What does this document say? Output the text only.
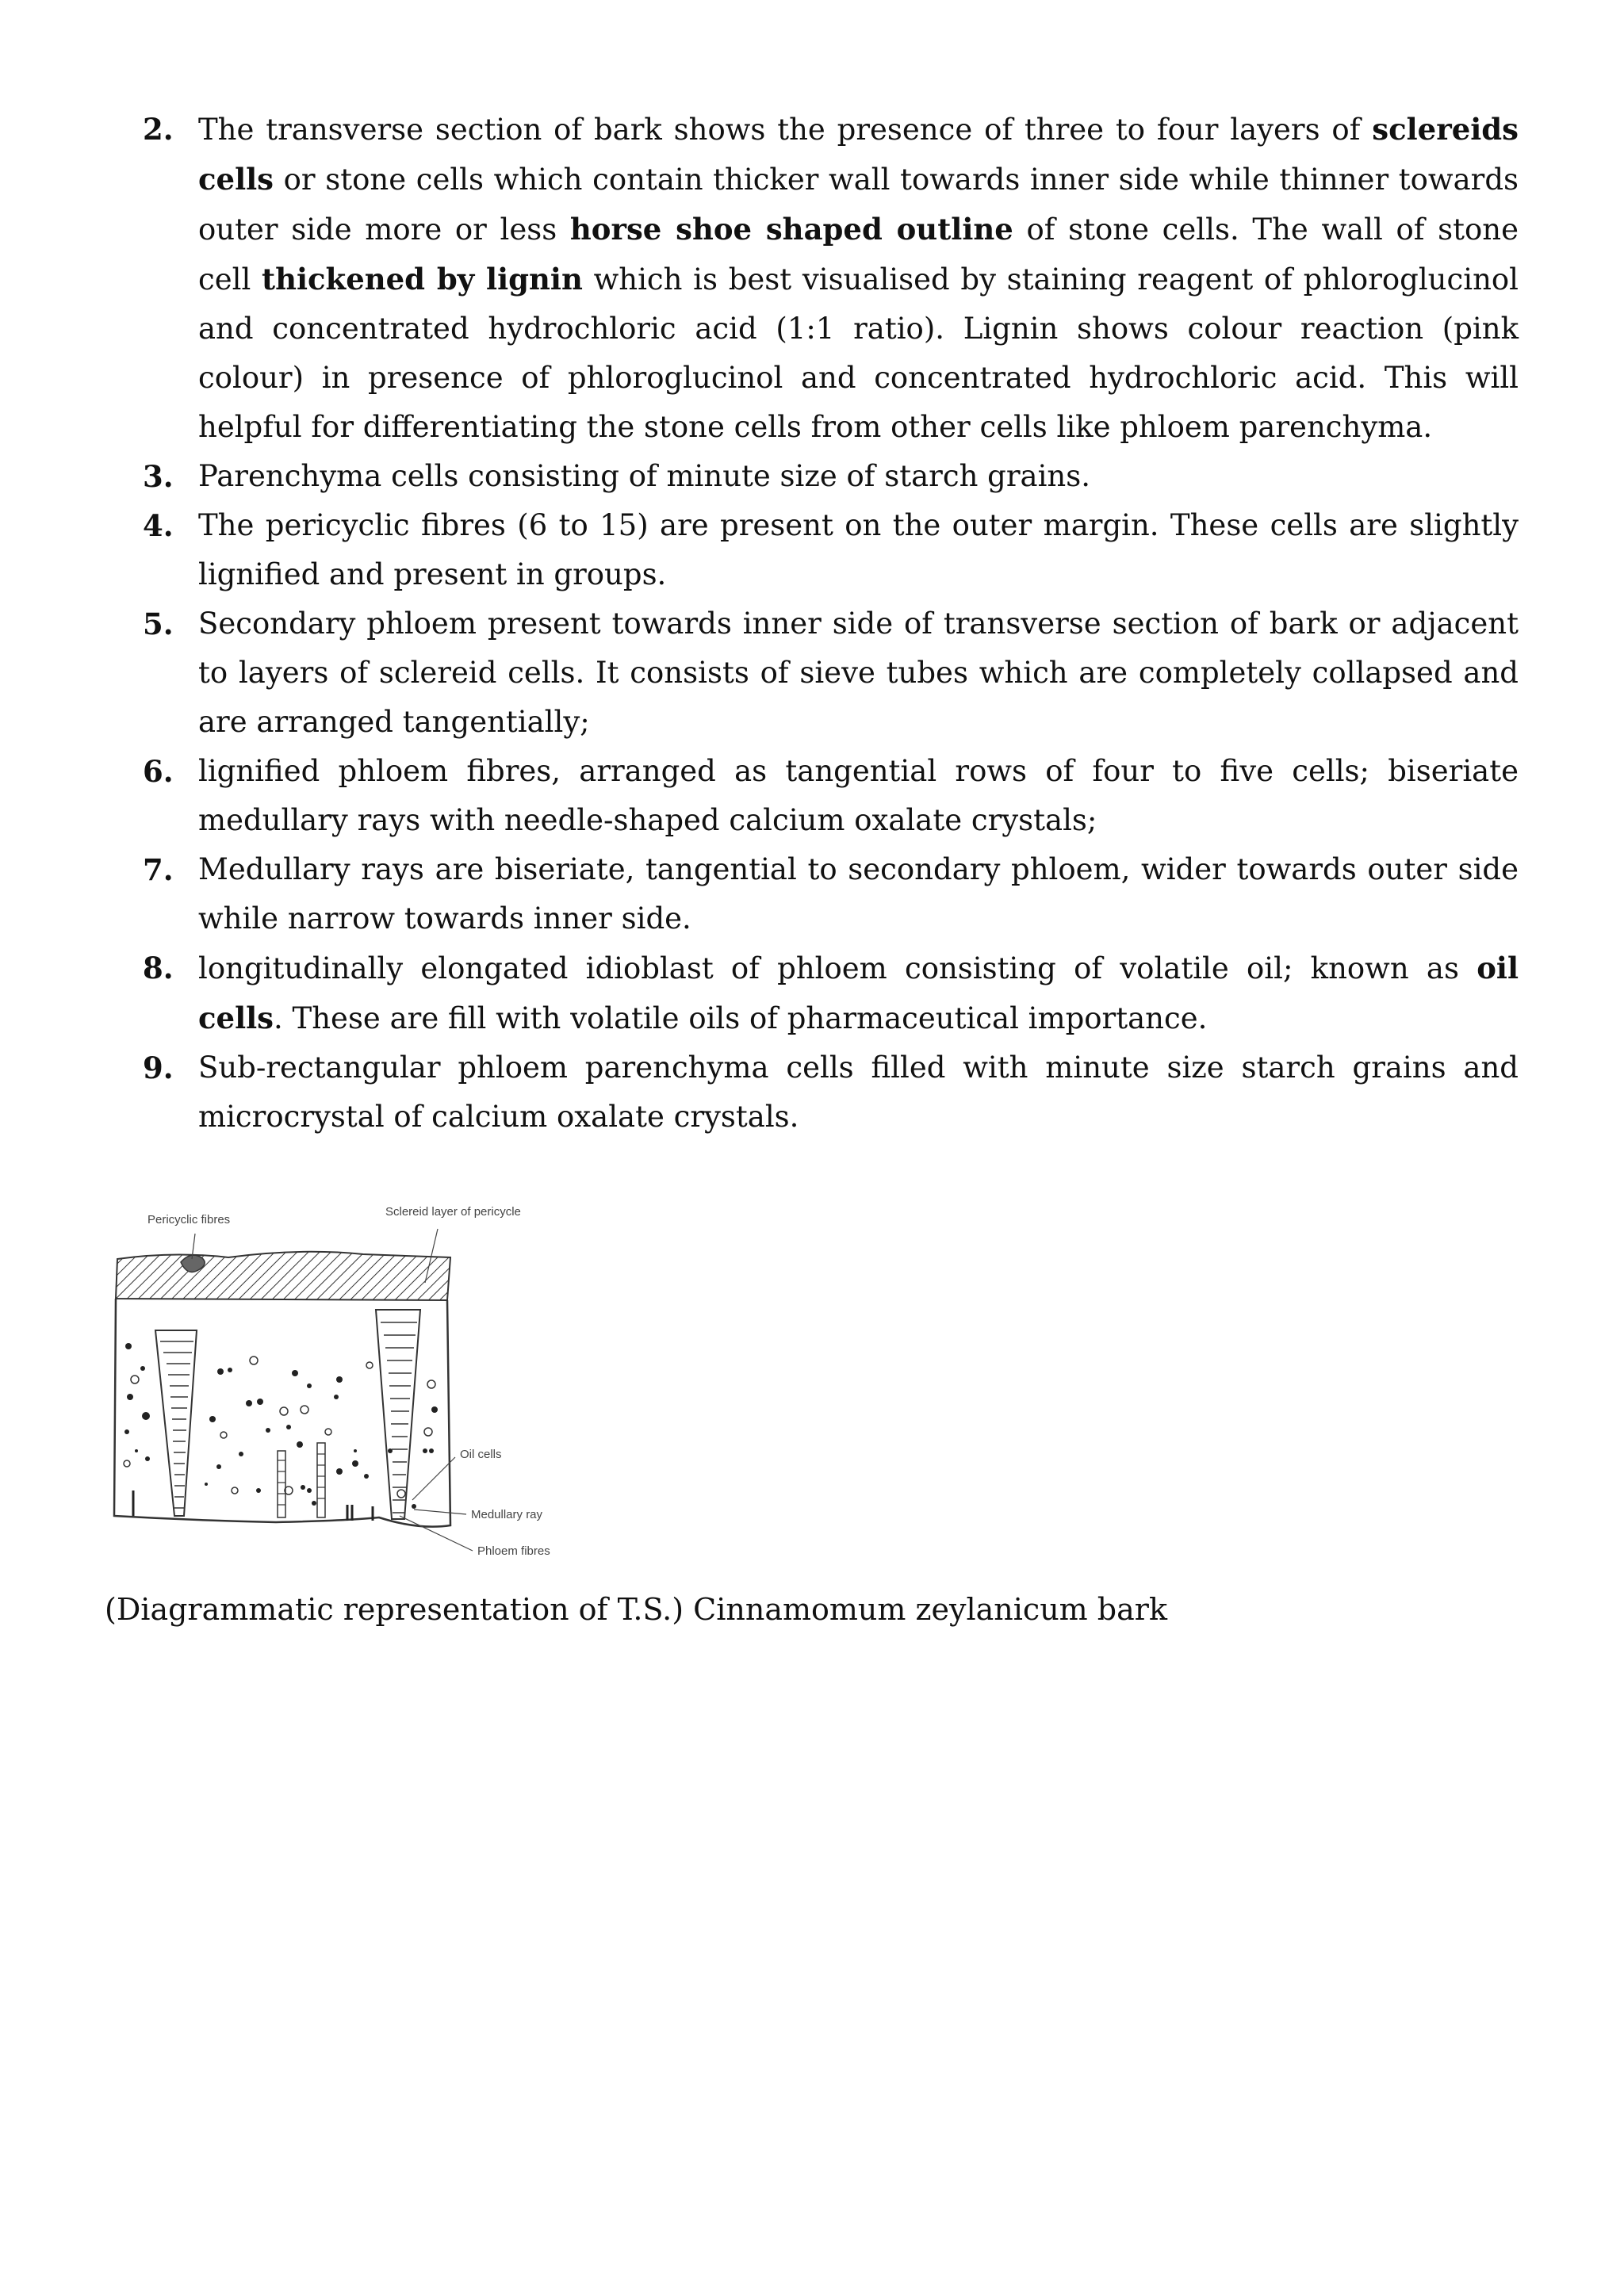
2. The transverse section of bark shows the presence of three to four layers of sclereids cells or stone cells which contain thicker wall towards inner side while thinner towards outer side more or less horse shoe shaped outline of stone cells. The wall of stone cell thickened by lignin which is best visualised by staining reagent of phloroglucinol and concentrated hydrochloric acid (1:1 ratio). Lignin shows colour reaction (pink colour) in presence of phloroglucinol and concentrated hydrochloric acid. This will helpful for differentiating the stone cells from other cells like phloem parenchyma.
3. Parenchyma cells consisting of minute size of starch grains.
4. The pericyclic fibres (6 to 15) are present on the outer margin. These cells are slightly lignified and present in groups.
5. Secondary phloem present towards inner side of transverse section of bark or adjacent to layers of sclereid cells. It consists of sieve tubes which are completely collapsed and are arranged tangentially;
6. lignified phloem fibres, arranged as tangential rows of four to five cells; biseriate medullary rays with needle-shaped calcium oxalate crystals;
7. Medullary rays are biseriate, tangential to secondary phloem, wider towards outer side while narrow towards inner side.
8. longitudinally elongated idioblast of phloem consisting of volatile oil; known as oil cells. These are fill with volatile oils of pharmaceutical importance.
9. Sub-rectangular phloem parenchyma cells filled with minute size starch grains and microcrystal of calcium oxalate crystals.
Pericyclic fibres
Sclereid layer of pericycle
Oil cells
Medullary ray
Phloem fibres
(Diagrammatic representation of T.S.) Cinnamomum zeylanicum bark
